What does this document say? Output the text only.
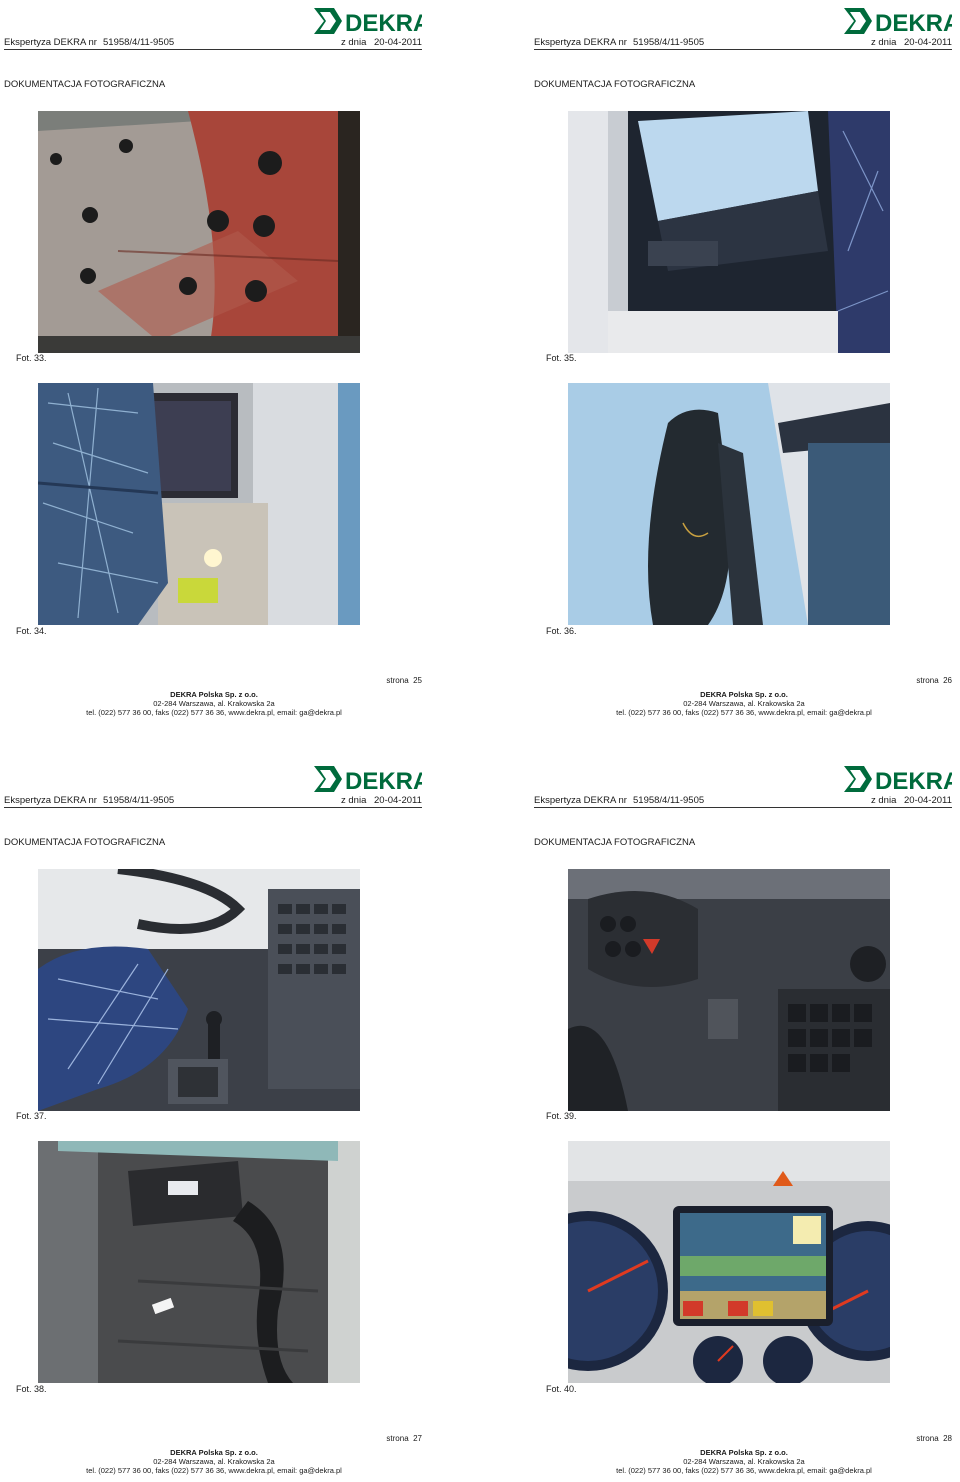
Ekspertyza DEKRA nr 51958/4/11-9505	z dnia 20-04-2011
DOKUMENTACJA FOTOGRAFICZNA
Fot. 33.
Fot. 34.
strona 25
DEKRA Polska Sp. z o.o.
02-284 Warszawa, al. Krakowska 2a
tel. (022) 577 36 00, faks (022) 577 36 36, www.dekra.pl, email: ga@dekra.pl
Ekspertyza DEKRA nr 51958/4/11-9505	z dnia 20-04-2011
DOKUMENTACJA FOTOGRAFICZNA
Fot. 35.
Fot. 36.
strona 26
DEKRA Polska Sp. z o.o.
02-284 Warszawa, al. Krakowska 2a
tel. (022) 577 36 00, faks (022) 577 36 36, www.dekra.pl, email: ga@dekra.pl
Ekspertyza DEKRA nr 51958/4/11-9505	z dnia 20-04-2011
DOKUMENTACJA FOTOGRAFICZNA
Fot. 37.
Fot. 38.
strona 27
DEKRA Polska Sp. z o.o.
02-284 Warszawa, al. Krakowska 2a
tel. (022) 577 36 00, faks (022) 577 36 36, www.dekra.pl, email: ga@dekra.pl
Ekspertyza DEKRA nr 51958/4/11-9505	z dnia 20-04-2011
DOKUMENTACJA FOTOGRAFICZNA
Fot. 39.
Fot. 40.
strona 28
DEKRA Polska Sp. z o.o.
02-284 Warszawa, al. Krakowska 2a
tel. (022) 577 36 00, faks (022) 577 36 36, www.dekra.pl, email: ga@dekra.pl
